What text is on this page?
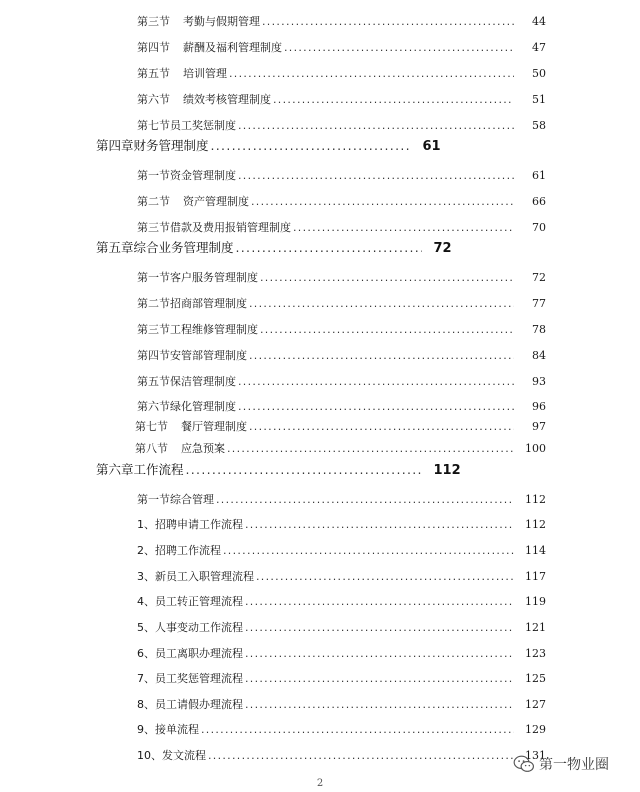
第三节 考勤与假期管理 .....	44
第四节 薪酬及福利管理制度 .....	47
第五节 培训管理 .....	50
第六节 绩效考核管理制度 .....	51
第七节员工奖惩制度 .....	58
第四章财务管理制度 .....	61
第一节资金管理制度 .....	61
第二节 资产管理制度 .....	66
第三节借款及费用报销管理制度 .....	70
第五章综合业务管理制度 .....	72
第一节客户服务管理制度 .....	72
第二节招商部管理制度 .....	77
第三节工程维修管理制度 .....	78
第四节安管部管理制度 .....	84
第五节保洁管理制度 .....	93
第六节绿化管理制度 .....	96
第七节 餐厅管理制度 .....	97
第八节 应急预案 .....	100
第六章工作流程 .....	112
第一节综合管理 .....	112
1、招聘申请工作流程 .....	112
2、招聘工作流程 .....	114
3、新员工入职管理流程 .....	117
4、员工转正管理流程 .....	119
5、人事变动工作流程 .....	121
6、员工离职办理流程 .....	123
7、员工奖惩管理流程 .....	125
8、员工请假办理流程 .....	127
9、接单流程 .....	129
10、发文流程 .....	131
2
第一物业圈
